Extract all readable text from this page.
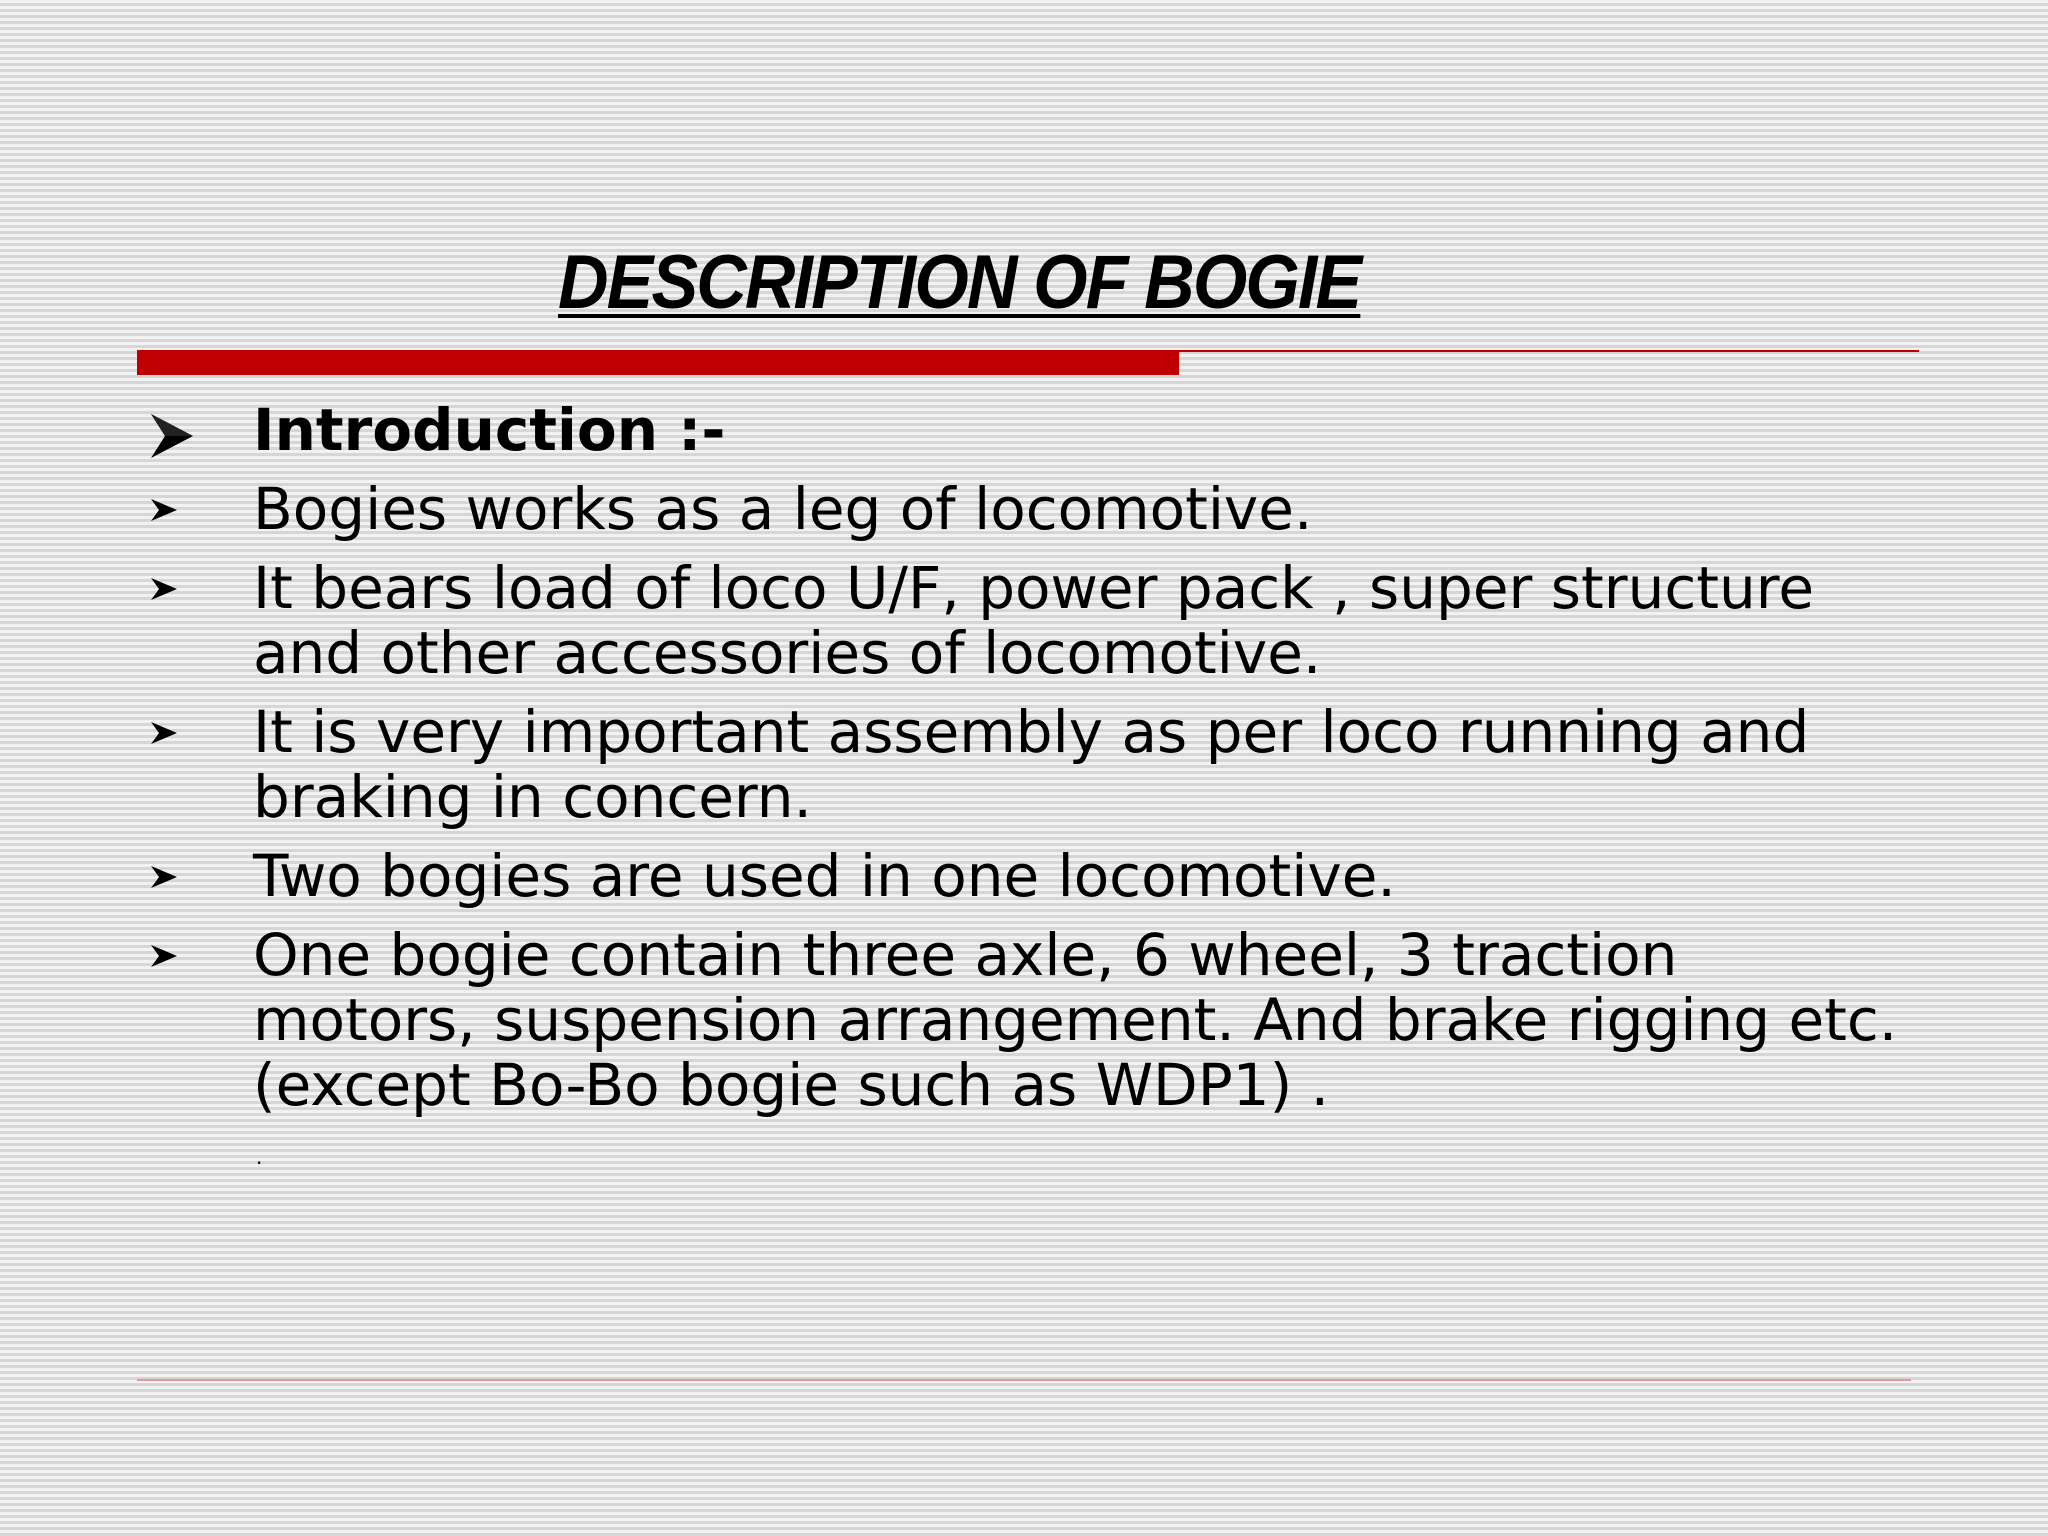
DESCRIPTION OF BOGIE
Introduction :-
Bogies works as a leg of locomotive.
It bears load of loco U/F, power pack , super structure and other accessories of locomotive.
It is very important assembly as per loco running and braking in concern.
Two bogies are used in one locomotive.
One bogie contain three axle, 6 wheel, 3 traction motors, suspension arrangement. And brake rigging etc. (except Bo-Bo bogie such as WDP1) .
.
